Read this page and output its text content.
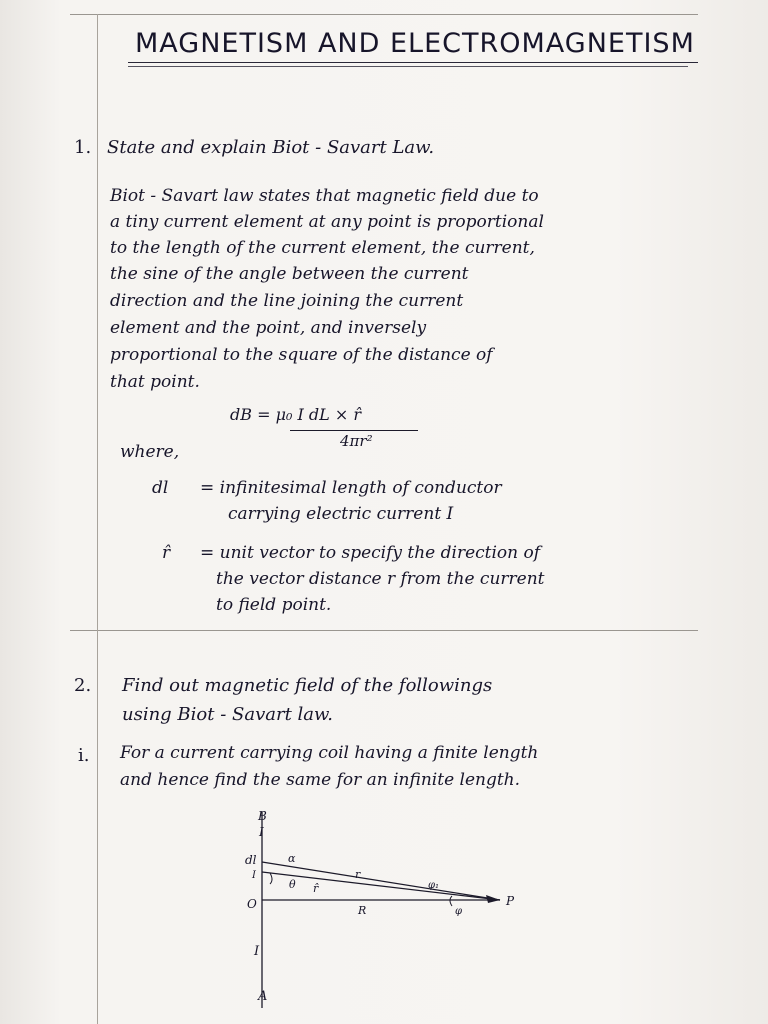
MAGNETISM AND ELECTROMAGNETISM
1. State and explain Biot - Savart Law.
Biot - Savart law states that magnetic field due to
a tiny current element at any point is proportional
to the length of the current element, the current,
the sine of the angle between the current
direction and the line joining the current
element and the point, and inversely
proportional to the square of the distance of
that point.
dB = μ₀ I dL × r̂
4πr²
where,
dl = infinitesimal length of conductor
carrying electric current I
r̂ = unit vector to specify the direction of
the vector distance r from the current
to field point.
2. Find out magnetic field of the followings
using Biot - Savart law.
i. For a current carrying coil having a finite length
and hence find the same for an infinite length.
B
I
dl
I
α
θ r̂
r
φ₁
O	R	φ
P
I
A
